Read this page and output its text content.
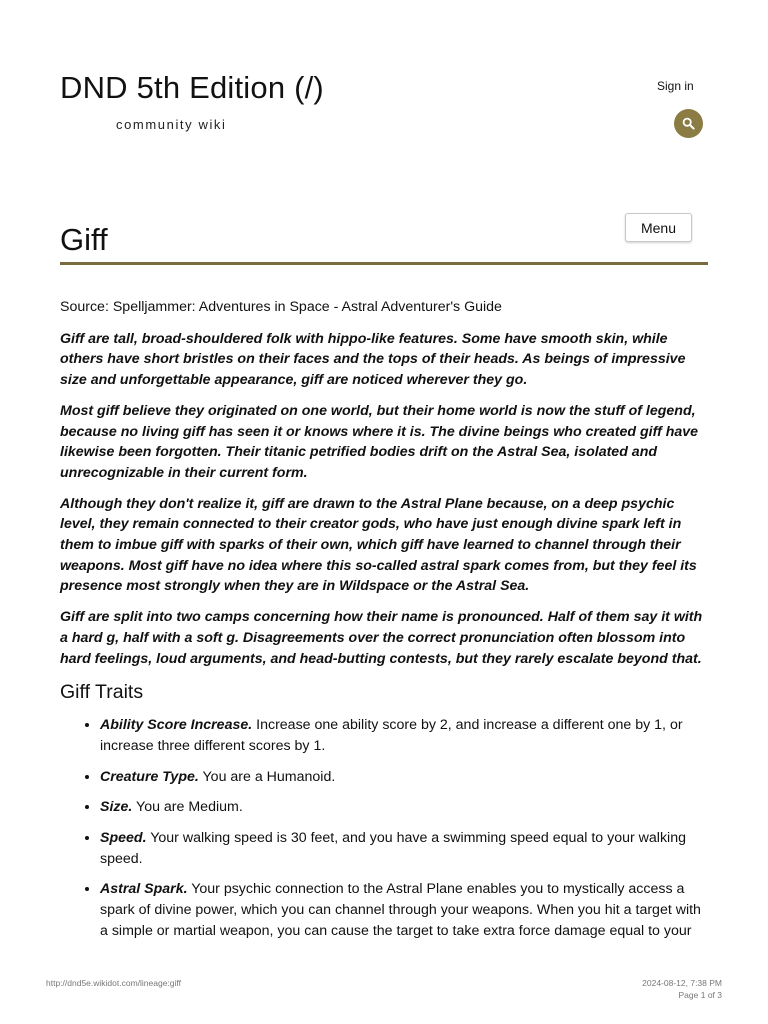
DND 5th Edition (/)
community wiki
Sign in
Menu
Giff

Source: Spelljammer: Adventures in Space - Astral Adventurer's Guide

Giff are tall, broad-shouldered folk with hippo-like features. Some have smooth skin, while others have short bristles on their faces and the tops of their heads. As beings of impressive size and unforgettable appearance, giff are noticed wherever they go.

Most giff believe they originated on one world, but their home world is now the stuff of legend, because no living giff has seen it or knows where it is. The divine beings who created giff have likewise been forgotten. Their titanic petrified bodies drift on the Astral Sea, isolated and unrecognizable in their current form.

Although they don't realize it, giff are drawn to the Astral Plane because, on a deep psychic level, they remain connected to their creator gods, who have just enough divine spark left in them to imbue giff with sparks of their own, which giff have learned to channel through their weapons. Most giff have no idea where this so-called astral spark comes from, but they feel its presence most strongly when they are in Wildspace or the Astral Sea.

Giff are split into two camps concerning how their name is pronounced. Half of them say it with a hard g, half with a soft g. Disagreements over the correct pronunciation often blossom into hard feelings, loud arguments, and head-butting contests, but they rarely escalate beyond that.

Giff Traits
• Ability Score Increase. Increase one ability score by 2, and increase a different one by 1, or increase three different scores by 1.
• Creature Type. You are a Humanoid.
• Size. You are Medium.
• Speed. Your walking speed is 30 feet, and you have a swimming speed equal to your walking speed.
• Astral Spark. Your psychic connection to the Astral Plane enables you to mystically access a spark of divine power, which you can channel through your weapons. When you hit a target with a simple or martial weapon, you can cause the target to take extra force damage equal to your
http://dnd5e.wikidot.com/lineage:giff	2024-08-12, 7:38 PM
Page 1 of 3
